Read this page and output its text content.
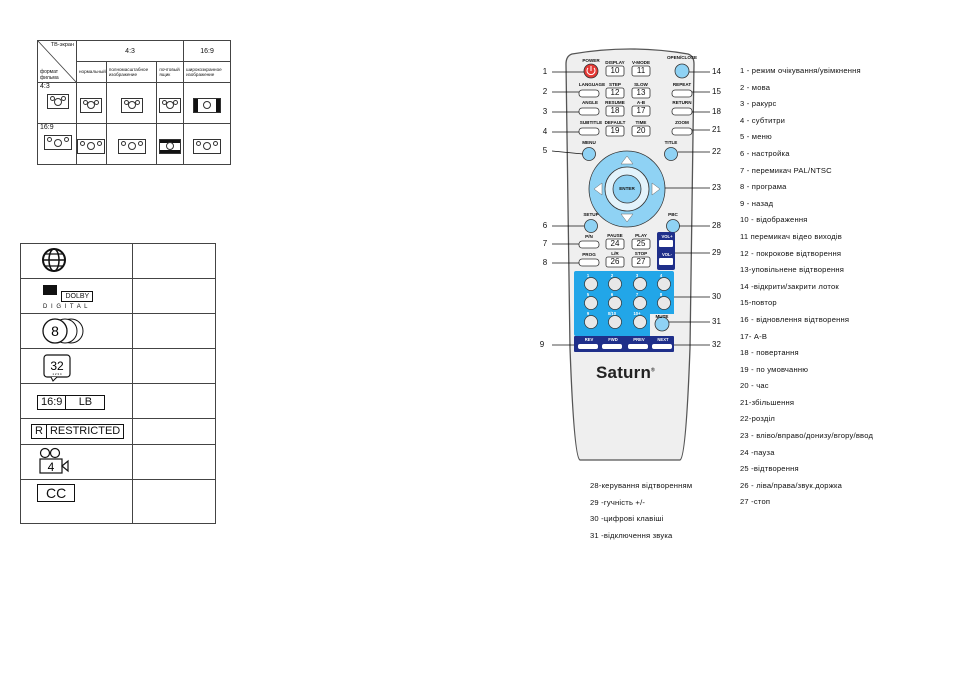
ТВ-экран
формат фильма	4:3			16:9
	нормальный	полномасштабное изображение	почтовый ящик	широкоэкранное изображение
4:3

16:9

DOLBY
D I G I T A L	

8	

32
1 2 3 4	

16:9 LB	

R RESTRICTED	

4	

CC	

POWER	DISPLAY
10
V-MODE
11
OPEN/CLOSE
LANGUAGE STEP
12
SLOW
13
REPEAT
ANGLE	RESUME
18
A-B
17
RETURN
SUBTITLE DEFAULT
19
TIME
20
ZOOM
MENU	TITLE
ENTER
SETUP	PBC
P/N	PAUSE
24
PLAY
25
VOL+
PROG	L/R
26
STOP
27
VOL-
1	2	3	4
5	6	7	8
9	0/10	10+
MUTE
REV	FWD	PREV	NEXT
Saturn®
1
2
3
4
5
6
7
8
9
14
15
18
21
22
23
28
29
30
31
32
1 - режим очікування/увімкнення
2 - мова
3 - ракурс
4 - субтитри
5 - меню
6 - настройка
7 - перемикач PAL/NTSC
8 - програма
9 - назад
10 - відображення
11 перемикач відео виходів
12 - покрокове відтворення
13-уповільнене відтворення
14 -відкрити/закрити лоток
15-повтор
16 - відновлення відтворення
17- А-В
18 - повертання
19 - по умовчанню
20 - час
21-збільшення
22-розділ
23 - вліво/вправо/донизу/вгору/ввод
24 -пауза
25 -відтворення
26 - ліва/права/звук.доржка
27 -стоп
28-керування відтворенням
29 -гучність +/-
30 -цифрові клавіші
31 -відключення звука
